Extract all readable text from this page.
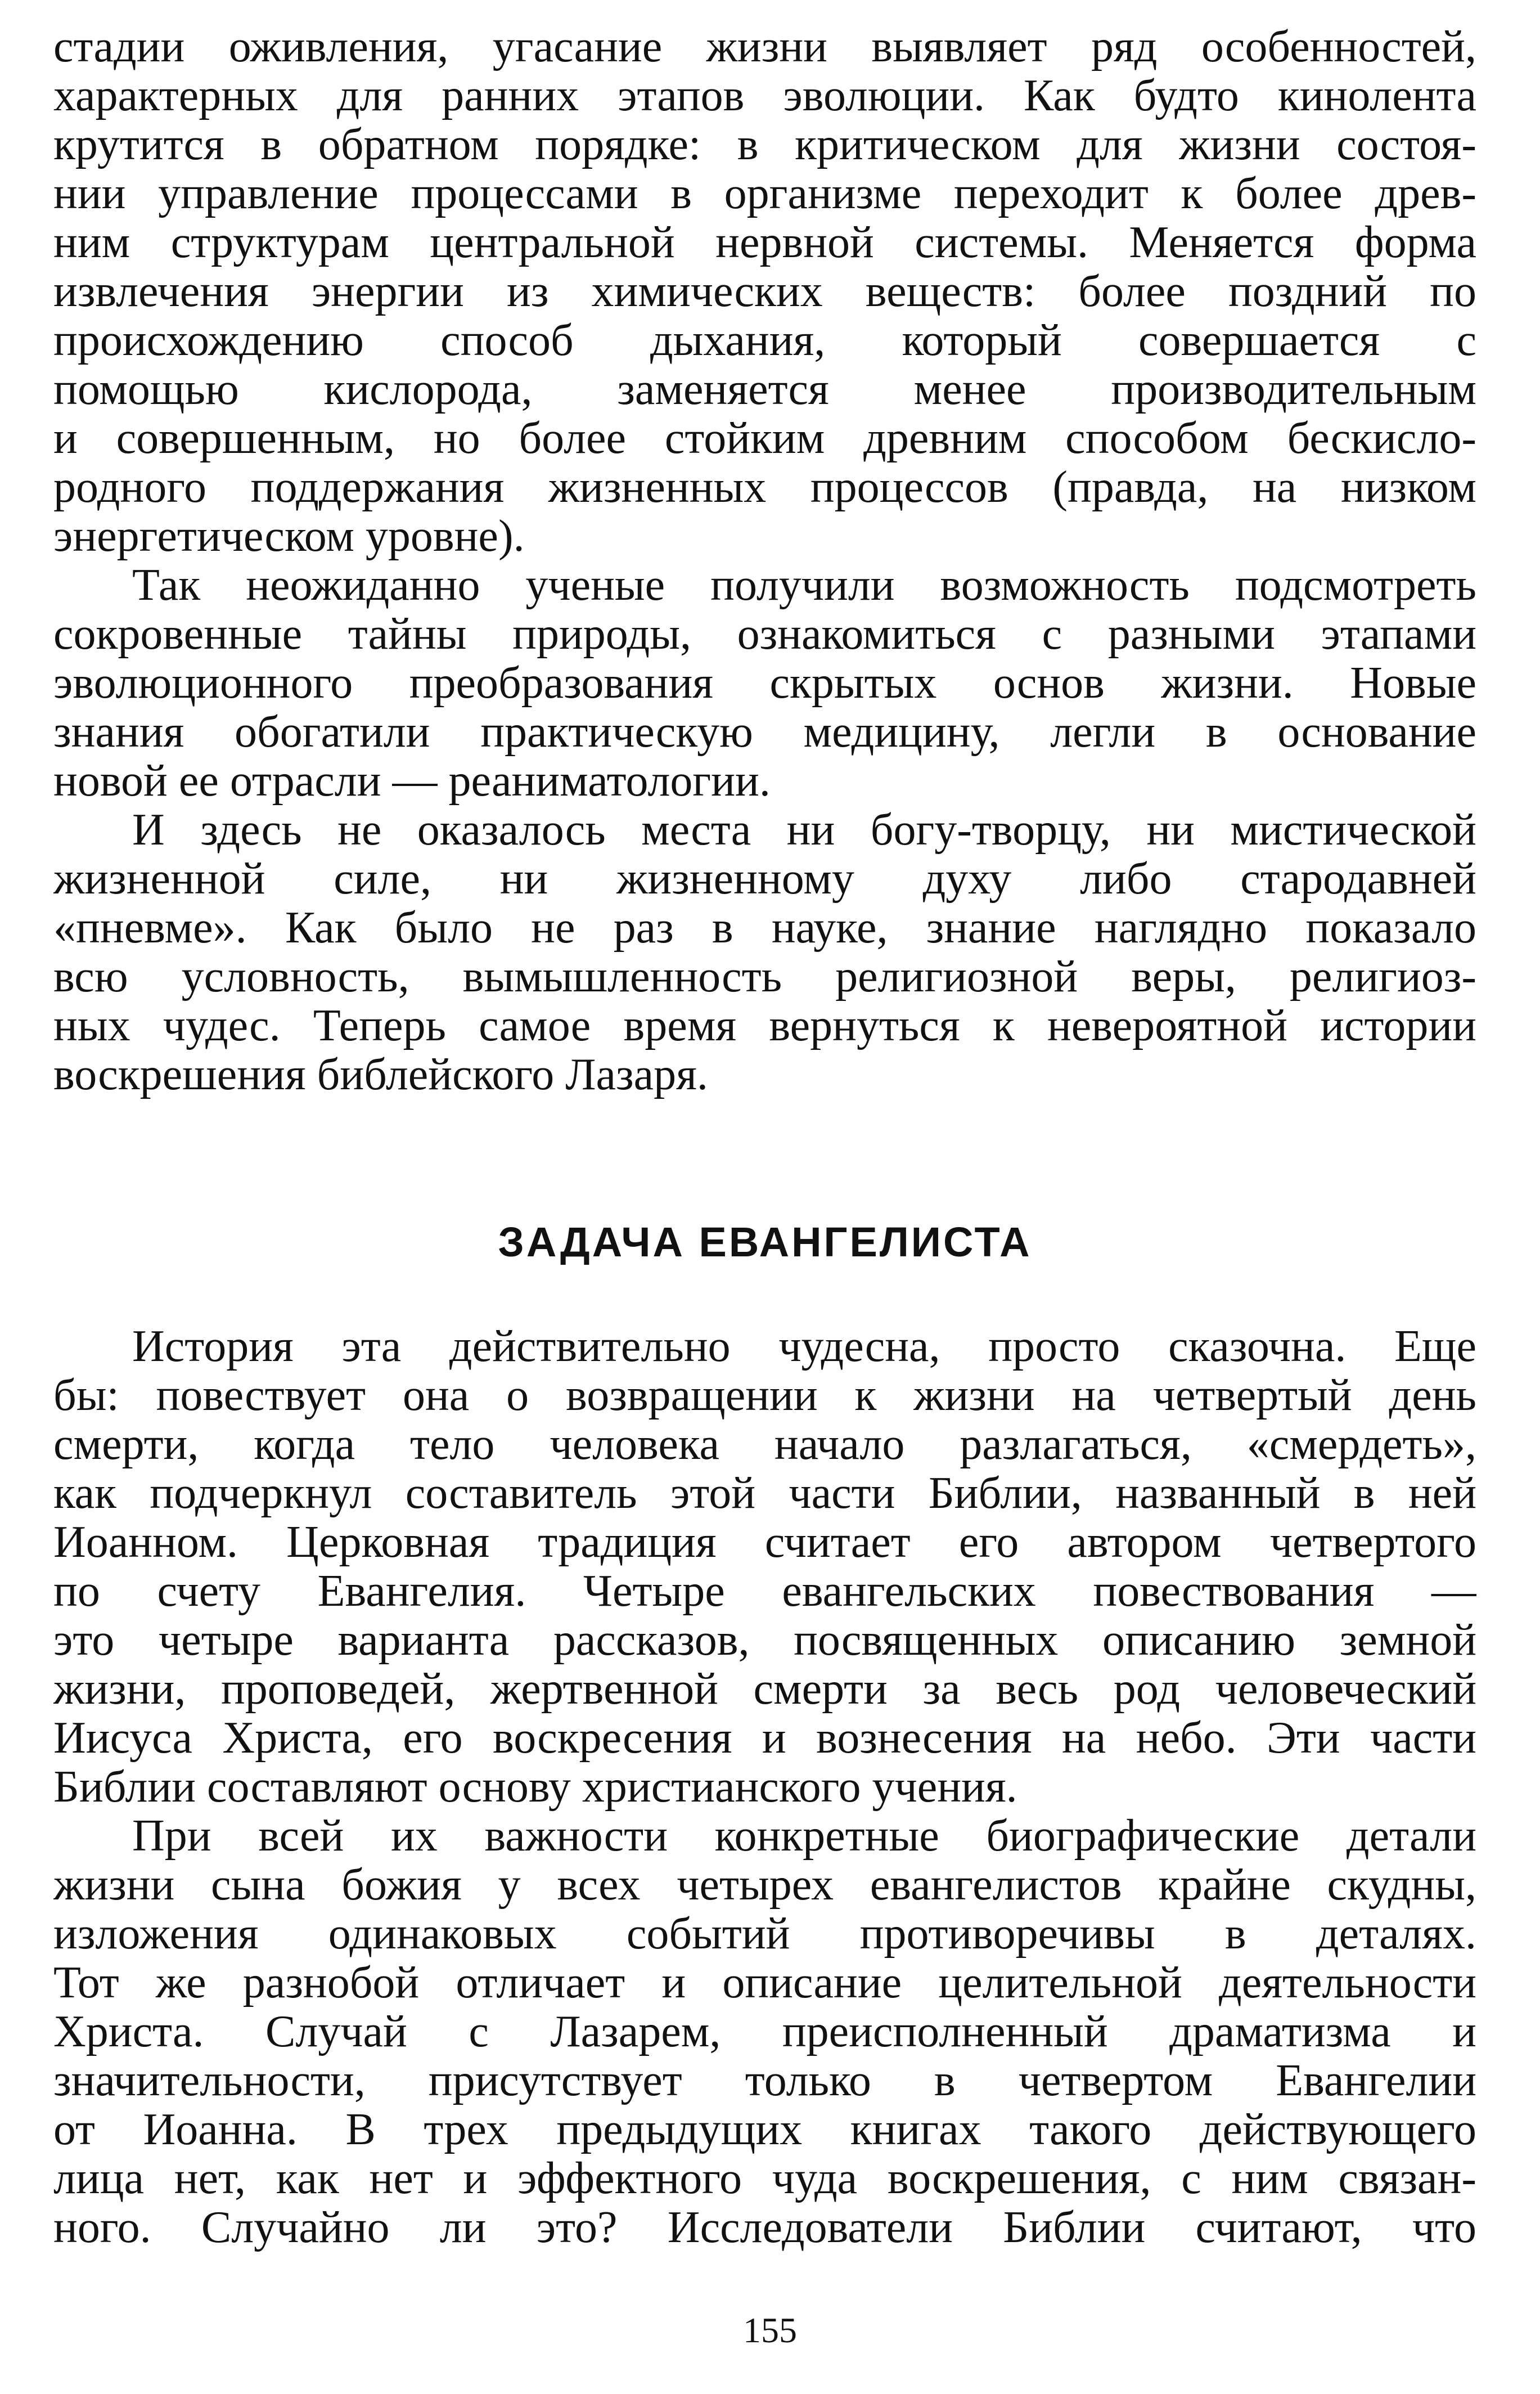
стадии оживления, угасание жизни выявляет ряд особенностей,
характерных для ранних этапов эволюции. Как будто кинолента
крутится в обратном порядке: в критическом для жизни состоя-
нии управление процессами в организме переходит к более древ-
ним структурам центральной нервной системы. Меняется форма
извлечения энергии из химических веществ: более поздний по
происхождению способ дыхания, который совершается с
помощью кислорода, заменяется менее производительным
и совершенным, но более стойким древним способом бескисло-
родного поддержания жизненных процессов (правда, на низком
энергетическом уровне).

Так неожиданно ученые получили возможность подсмотреть
сокровенные тайны природы, ознакомиться с разными этапами
эволюционного преобразования скрытых основ жизни. Новые
знания обогатили практическую медицину, легли в основание
новой ее отрасли — реаниматологии.

И здесь не оказалось места ни богу-творцу, ни мистической
жизненной силе, ни жизненному духу либо стародавней
«пневме». Как было не раз в науке, знание наглядно показало
всю условность, вымышленность религиозной веры, религиоз-
ных чудес. Теперь самое время вернуться к невероятной истории
воскрешения библейского Лазаря.

ЗАДАЧА ЕВАНГЕЛИСТА

История эта действительно чудесна, просто сказочна. Еще
бы: повествует она о возвращении к жизни на четвертый день
смерти, когда тело человека начало разлагаться, «смердеть»,
как подчеркнул составитель этой части Библии, названный в ней
Иоанном. Церковная традиция считает его автором четвертого
по счету Евангелия. Четыре евангельских повествования —
это четыре варианта рассказов, посвященных описанию земной
жизни, проповедей, жертвенной смерти за весь род человеческий
Иисуса Христа, его воскресения и вознесения на небо. Эти части
Библии составляют основу христианского учения.

При всей их важности конкретные биографические детали
жизни сына божия у всех четырех евангелистов крайне скудны,
изложения одинаковых событий противоречивы в деталях.
Тот же разнобой отличает и описание целительной деятельности
Христа. Случай с Лазарем, преисполненный драматизма и
значительности, присутствует только в четвертом Евангелии
от Иоанна. В трех предыдущих книгах такого действующего
лица нет, как нет и эффектного чуда воскрешения, с ним связан-
ного. Случайно ли это? Исследователи Библии считают, что

155
